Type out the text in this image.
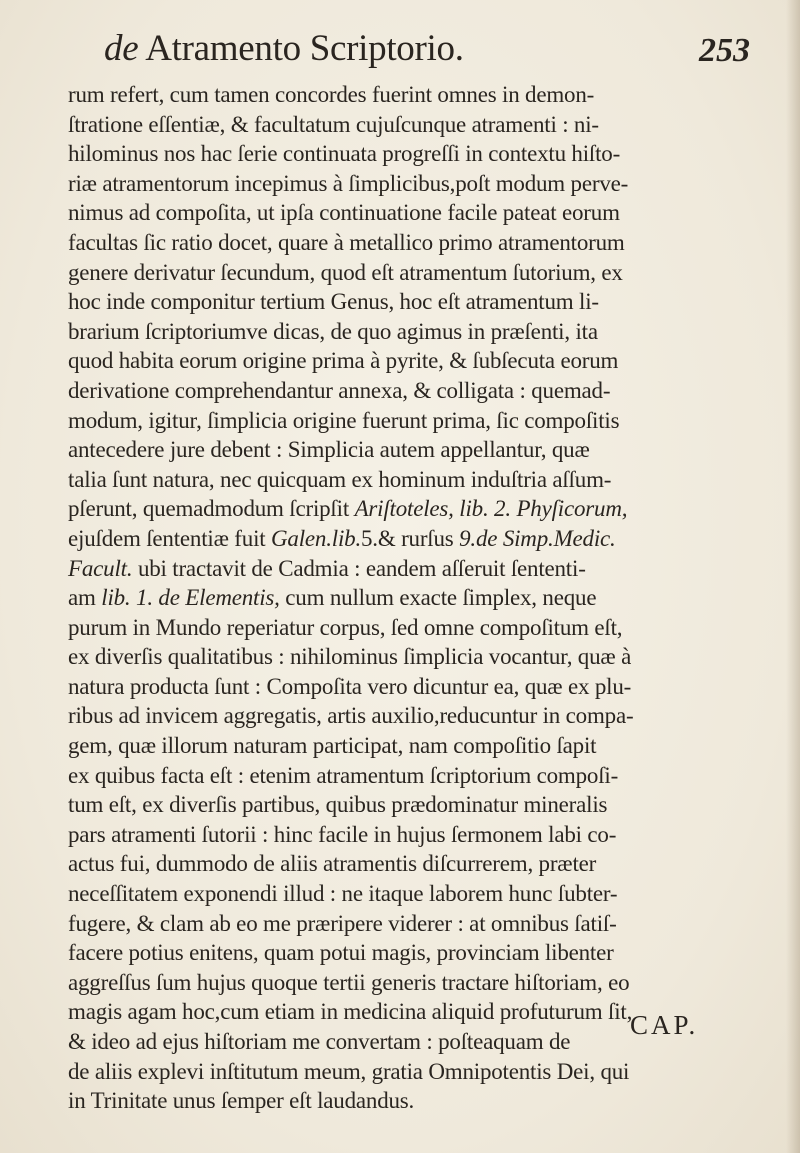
de Atramento Scriptorio.	253
rum refert, cum tamen concordes fuerint omnes in demon-
ſtratione eſſentiæ, & facultatum cujuſcunque atramenti : ni-
hilominus nos hac ſerie continuata progreſſi in contextu hiſto-
riæ atramentorum incepimus à ſimplicibus,poſt modum perve-
nimus ad compoſita, ut ipſa continuatione facile pateat eorum
facultas ſic ratio docet, quare à metallico primo atramentorum
genere derivatur ſecundum, quod eſt atramentum ſutorium, ex
hoc inde componitur tertium Genus, hoc eſt atramentum li-
brarium ſcriptoriumve dicas, de quo agimus in præſenti, ita
quod habita eorum origine prima à pyrite, & ſubſecuta eorum
derivatione comprehendantur annexa, & colligata : quemad-
modum, igitur, ſimplicia origine fuerunt prima, ſic compoſitis
antecedere jure debent : Simplicia autem appellantur, quæ
talia ſunt natura, nec quicquam ex hominum induſtria aſſum-
pſerunt, quemadmodum ſcripſit Ariſtoteles, lib. 2. Phyſicorum,
ejuſdem ſententiæ fuit Galen.lib.5.& rurſus 9.de Simp.Medic.
Facult. ubi tractavit de Cadmia : eandem aſſeruit ſententi-
am lib. 1. de Elementis, cum nullum exacte ſimplex, neque
purum in Mundo reperiatur corpus, ſed omne compoſitum eſt,
ex diverſis qualitatibus : nihilominus ſimplicia vocantur, quæ à
natura producta ſunt : Compoſita vero dicuntur ea, quæ ex plu-
ribus ad invicem aggregatis, artis auxilio,reducuntur in compa-
gem, quæ illorum naturam participat, nam compoſitio ſapit
ex quibus facta eſt : etenim atramentum ſcriptorium compoſi-
tum eſt, ex diverſis partibus, quibus prædominatur mineralis
pars atramenti ſutorii : hinc facile in hujus ſermonem labi co-
actus fui, dummodo de aliis atramentis diſcurrerem, præter
neceſſitatem exponendi illud : ne itaque laborem hunc ſubter-
fugere, & clam ab eo me præripere viderer : at omnibus ſatiſ-
facere potius enitens, quam potui magis, provinciam libenter
aggreſſus ſum hujus quoque tertii generis tractare hiſtoriam, eo
magis agam hoc,cum etiam in medicina aliquid profuturum ſit,
& ideo ad ejus hiſtoriam me convertam : poſteaquam de
de aliis explevi inſtitutum meum, gratia Omnipotentis Dei, qui
in Trinitate unus ſemper eſt laudandus.
CAP.
